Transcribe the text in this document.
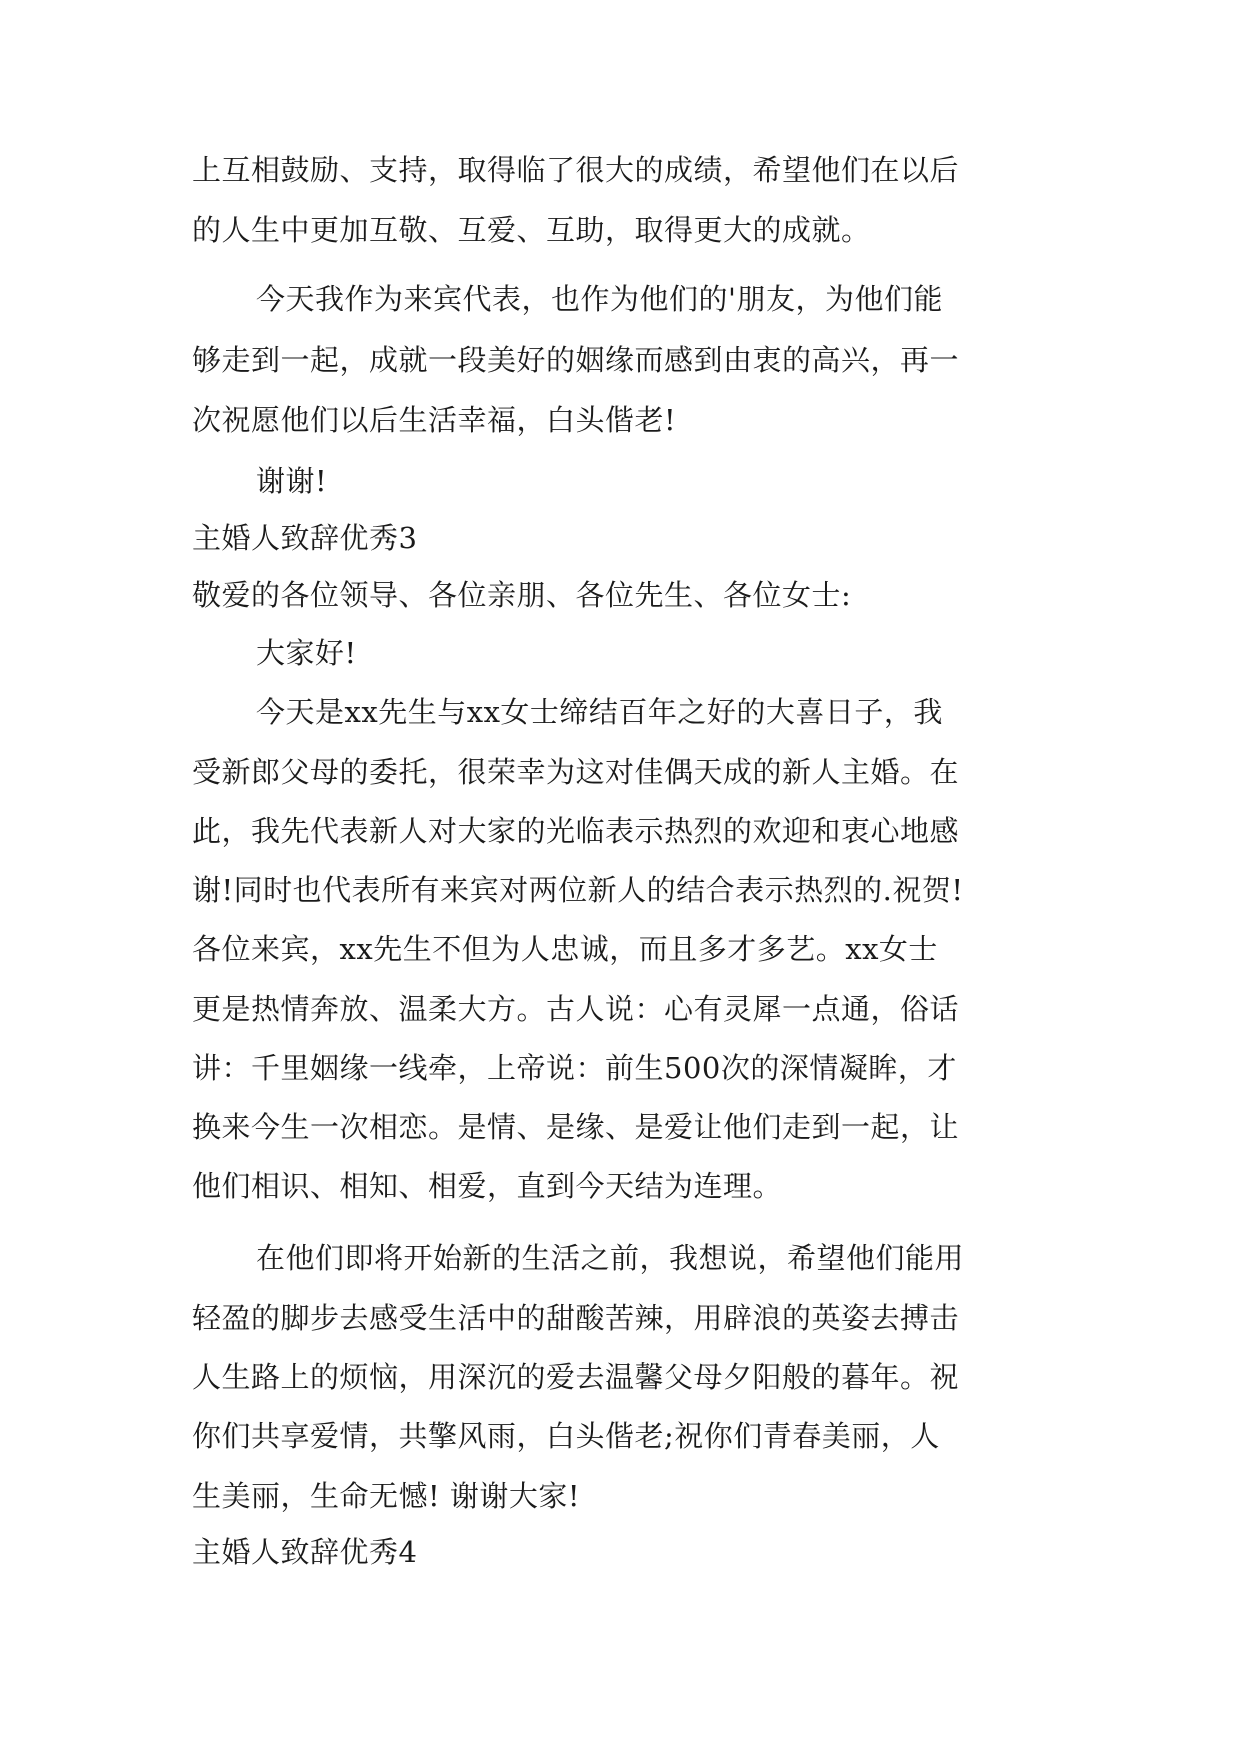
上互相鼓励、支持，取得临了很大的成绩，希望他们在以后
的人生中更加互敬、互爱、互助，取得更大的成就。
今天我作为来宾代表，也作为他们的'朋友，为他们能
够走到一起，成就一段美好的姻缘而感到由衷的高兴，再一
次祝愿他们以后生活幸福，白头偕老!
谢谢!
主婚人致辞优秀3
敬爱的各位领导、各位亲朋、各位先生、各位女士:
大家好!
今天是xx先生与xx女士缔结百年之好的大喜日子，我
受新郎父母的委托，很荣幸为这对佳偶天成的新人主婚。在
此，我先代表新人对大家的光临表示热烈的欢迎和衷心地感
谢!同时也代表所有来宾对两位新人的结合表示热烈的.祝贺!
各位来宾，xx先生不但为人忠诚，而且多才多艺。xx女士
更是热情奔放、温柔大方。古人说：心有灵犀一点通，俗话
讲：千里姻缘一线牵，上帝说：前生500次的深情凝眸，才
换来今生一次相恋。是情、是缘、是爱让他们走到一起，让
他们相识、相知、相爱，直到今天结为连理。
在他们即将开始新的生活之前，我想说，希望他们能用
轻盈的脚步去感受生活中的甜酸苦辣，用辟浪的英姿去搏击
人生路上的烦恼，用深沉的爱去温馨父母夕阳般的暮年。祝
你们共享爱情，共擎风雨，白头偕老;祝你们青春美丽，人
生美丽，生命无憾! 谢谢大家!
主婚人致辞优秀4
